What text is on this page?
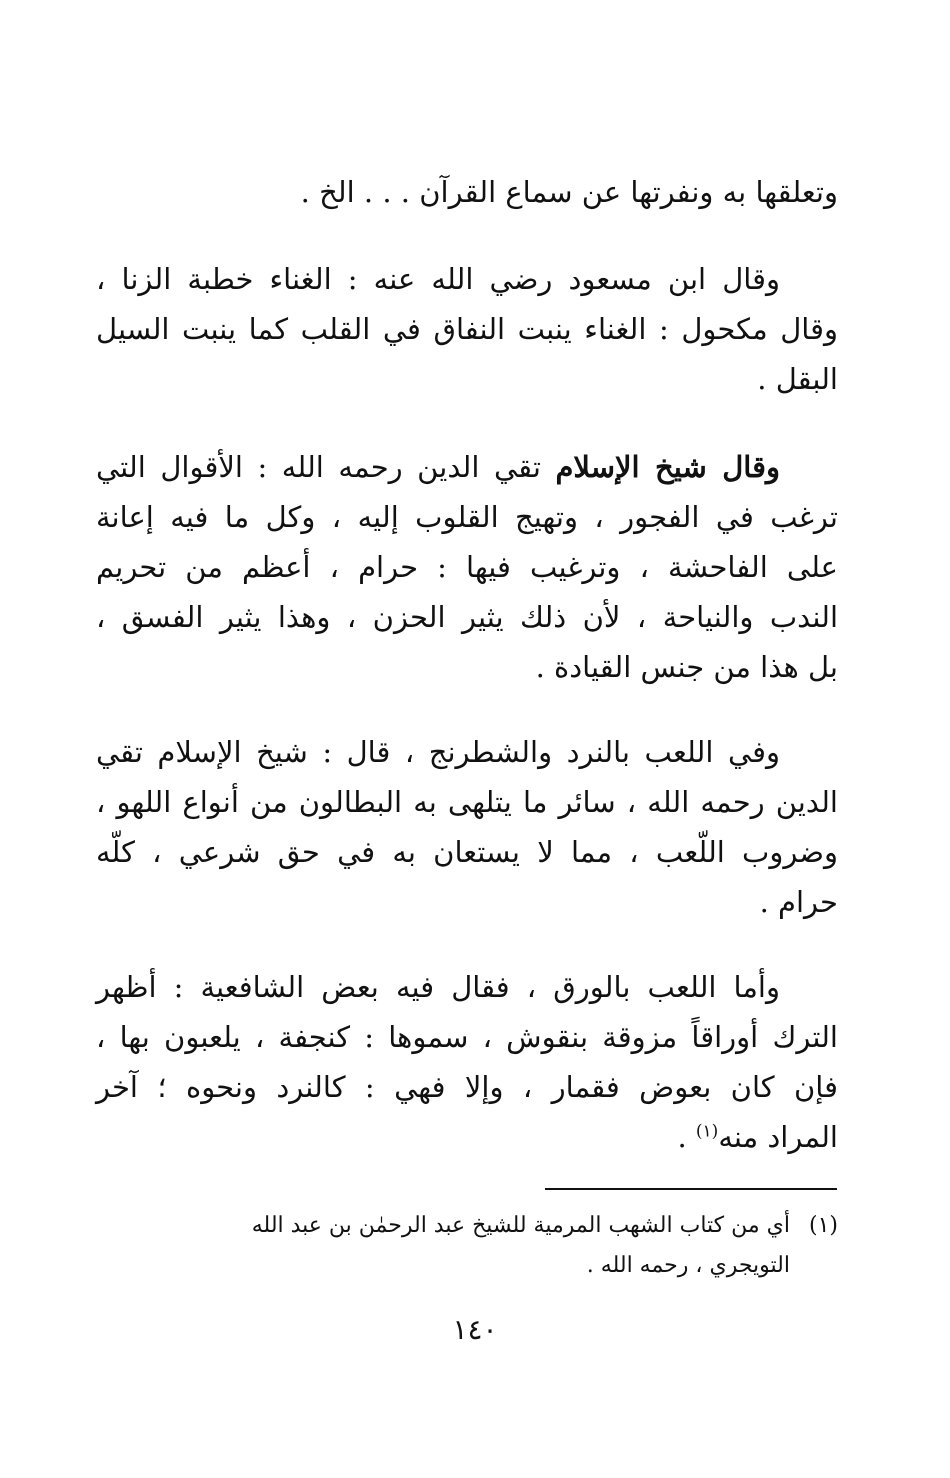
وتعلقها به ونفرتها عن سماع القرآن . . . الخ .
وقال ابن مسعود رضي الله عنه : الغناء خطبة الزنا ،
وقال مكحول : الغناء ينبت النفاق في القلب كما ينبت السيل
البقل .
وقال شيخ الإسلام تقي الدين رحمه الله : الأقوال التي
ترغب في الفجور ، وتهيج القلوب إليه ، وكل ما فيه إعانة
على الفاحشة ، وترغيب فيها : حرام ، أعظم من تحريم
الندب والنياحة ، لأن ذلك يثير الحزن ، وهذا يثير الفسق ،
بل هذا من جنس القيادة .
وفي اللعب بالنرد والشطرنج ، قال : شيخ الإسلام تقي
الدين رحمه الله ، سائر ما يتلهى به البطالون من أنواع اللهو ،
وضروب اللّعب ، مما لا يستعان به في حق شرعي ، كلّه
حرام .
وأما اللعب بالورق ، فقال فيه بعض الشافعية : أظهر
الترك أوراقاً مزوقة بنقوش ، سموها : كنجفة ، يلعبون بها ،
فإن كان بعوض فقمار ، وإلا فهي : كالنرد ونحوه ؛ آخر
المراد منه$^{(١)}$ .
(١)
أي من كتاب الشهب المرمية للشيخ عبد الرحمٰن بن عبد الله
التويجري ، رحمه الله .
١٤٠
